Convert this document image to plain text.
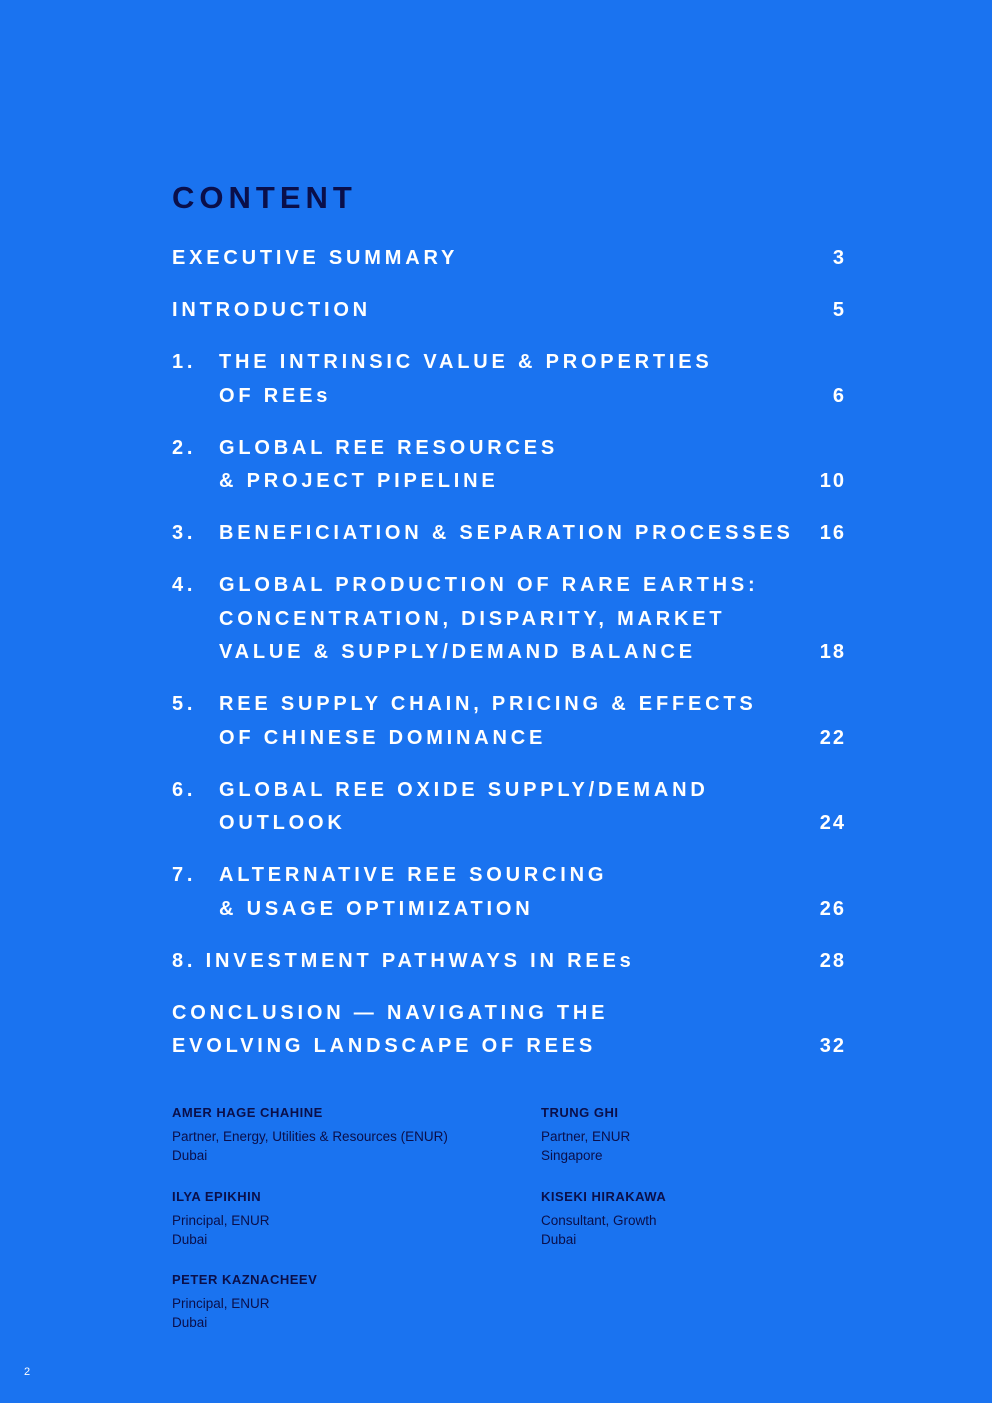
CONTENT
EXECUTIVE SUMMARY	3
INTRODUCTION	5
1. THE INTRINSIC VALUE & PROPERTIES
OF REEs	6
2. GLOBAL REE RESOURCES
& PROJECT PIPELINE	10
3. BENEFICIATION & SEPARATION PROCESSES 16
4. GLOBAL PRODUCTION OF RARE EARTHS:
CONCENTRATION, DISPARITY, MARKET
VALUE & SUPPLY/DEMAND BALANCE	18
5. REE SUPPLY CHAIN, PRICING & EFFECTS
OF CHINESE DOMINANCE	22
6. GLOBAL REE OXIDE SUPPLY/DEMAND
OUTLOOK	24
7. ALTERNATIVE REE SOURCING
& USAGE OPTIMIZATION	26
8. INVESTMENT PATHWAYS IN REEs	28
CONCLUSION — NAVIGATING THE
EVOLVING LANDSCAPE OF REES	32
AMER HAGE CHAHINE
Partner, Energy, Utilities & Resources (ENUR)
Dubai
TRUNG GHI
Partner, ENUR
Singapore
ILYA EPIKHIN
Principal, ENUR
Dubai
KISEKI HIRAKAWA
Consultant, Growth
Dubai
PETER KAZNACHEEV
Principal, ENUR
Dubai
2
